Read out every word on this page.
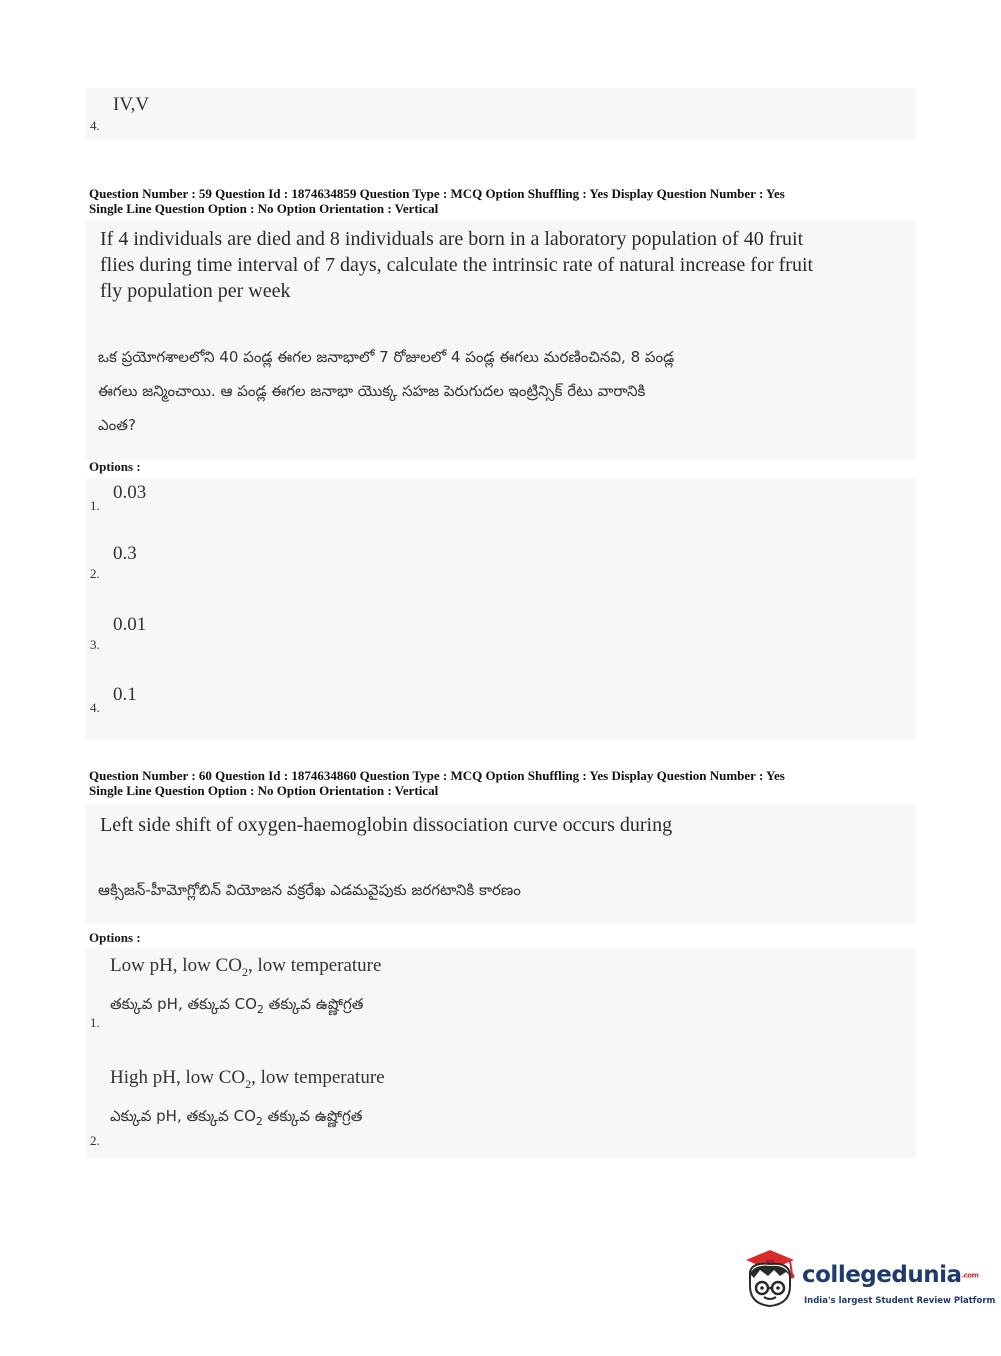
4.
IV,V
Question Number : 59 Question Id : 1874634859 Question Type : MCQ Option Shuffling : Yes Display Question Number : Yes
Single Line Question Option : No Option Orientation : Vertical
If 4 individuals are died and 8 individuals are born in a laboratory population of 40 fruit
flies during time interval of 7 days, calculate the intrinsic rate of natural increase for fruit
fly population per week
ఒక ప్రయోగశాలలోని 40 పండ్ల ఈగల జనాభాలో 7 రోజులలో 4 పండ్ల ఈగలు మరణించినవి, 8 పండ్ల
ఈగలు జన్మించాయి. ఆ పండ్ల ఈగల జనాభా యొక్క సహజ పెరుగుదల ఇంట్రిన్సిక్ రేటు వారానికి
ఎంత?
Options :
0.03
1.
0.3
2.
0.01
3.
0.1
4.
Question Number : 60 Question Id : 1874634860 Question Type : MCQ Option Shuffling : Yes Display Question Number : Yes
Single Line Question Option : No Option Orientation : Vertical
Left side shift of oxygen-haemoglobin dissociation curve occurs during
ఆక్సిజన్-హీమోగ్లోబిన్ వియోజన వక్రరేఖ ఎడమవైపుకు జరగటానికి కారణం
Options :
Low pH, low $CO_2$, low temperature
తక్కువ pH, తక్కువ $CO_2$ తక్కువ ఉష్ణోగ్రత
1.
High pH, low $CO_2$, low temperature
ఎక్కువ pH, తక్కువ $CO_2$ తక్కువ ఉష్ణోగ్రత
2.
collegedunia.com
India's largest Student Review Platform
